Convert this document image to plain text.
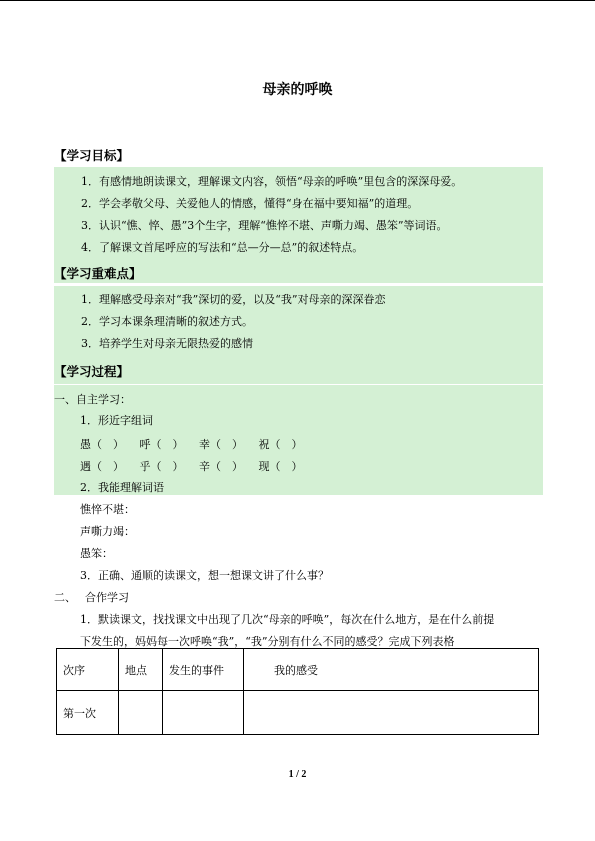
母亲的呼唤
【学习目标】
1．有感情地朗读课文，理解课文内容，领悟“母亲的呼唤”里包含的深深母爱。
2．学会孝敬父母、关爱他人的情感，懂得“身在福中要知福”的道理。
3．认识“憔、悴、愚”3个生字，理解“憔悴不堪、声嘶力竭、愚笨”等词语。
4．了解课文首尾呼应的写法和“总—分—总”的叙述特点。
【学习重难点】
1．理解感受母亲对“我”深切的爱，以及“我”对母亲的深深眷恋
2．学习本课条理清晰的叙述方式。
3．培养学生对母亲无限热爱的感情
【学习过程】
一、自主学习：
1．形近字组词
愚（　） 呼（　） 幸（　） 祝（　）
遇（　） 乎（　） 辛（　） 现（　）
2．我能理解词语
憔悴不堪：
声嘶力竭：
愚笨：
3．正确、通顺的读课文，想一想课文讲了什么事？
二、　 合作学习
1．默读课文，找找课文中出现了几次“母亲的呼唤”，每次在什么地方，是在什么前提
下发生的，妈妈每一次呼唤“我”，“我”分别有什么不同的感受？完成下列表格
次序	地点	发生的事件	我的感受
第一次			
1 / 2
